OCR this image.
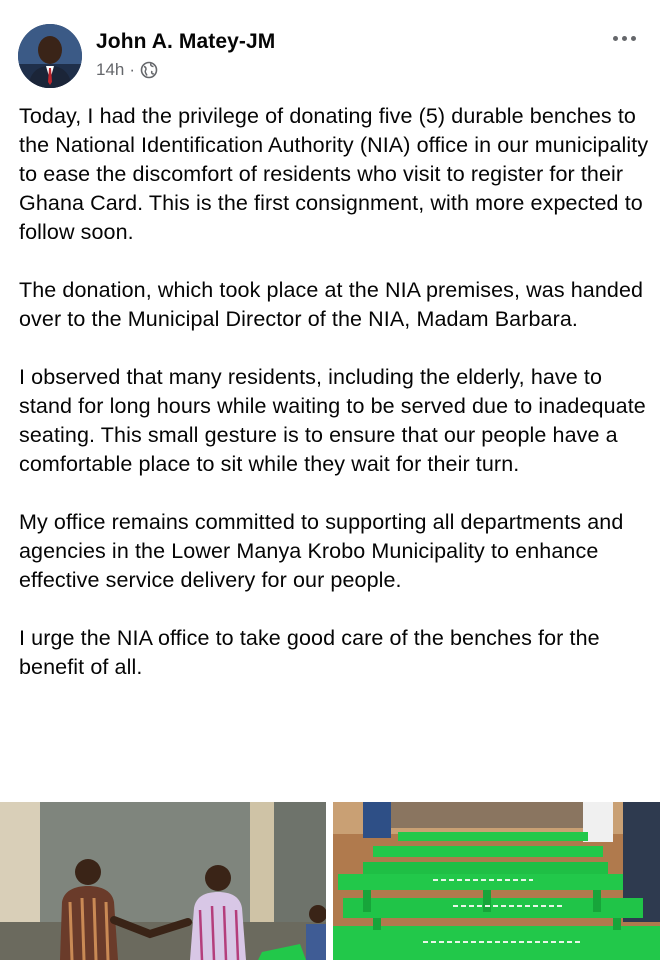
John A. Matey-JM
14h ·

Today, I had the privilege of donating five (5) durable benches to the National Identification Authority (NIA) office in our municipality to ease the discomfort of residents who visit to register for their Ghana Card. This is the first consignment, with more expected to follow soon.

The donation, which took place at the NIA premises, was handed over to the Municipal Director of the NIA, Madam Barbara.

I observed that many residents, including the elderly, have to stand for long hours while waiting to be served due to inadequate seating. This small gesture is to ensure that our people have a comfortable place to sit while they wait for their turn.

My office remains committed to supporting all departments and agencies in the Lower Manya Krobo Municipality to enhance effective service delivery for our people.

I urge the NIA office to take good care of the benches for the benefit of all.
